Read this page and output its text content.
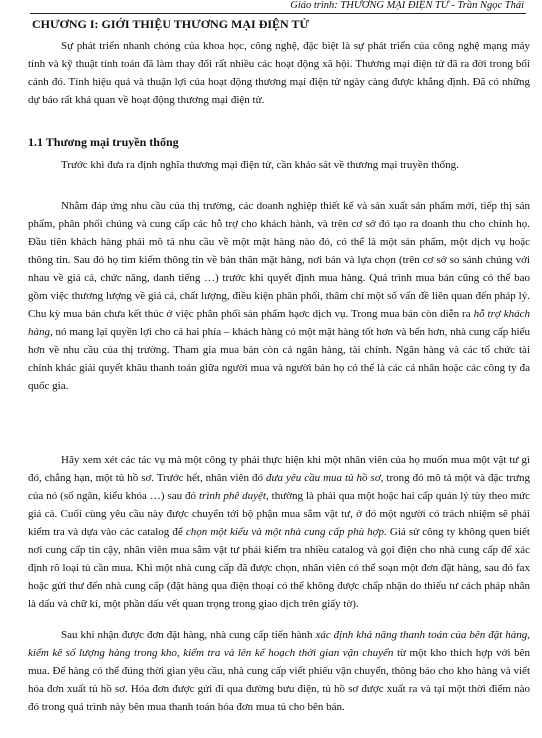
Giáo trình: THƯƠNG MẠI ĐIỆN TỬ - Trần Ngọc Thái
CHƯƠNG I: GIỚI THIỆU THƯƠNG MẠI ĐIỆN TỬ

Sự phát triển nhanh chóng của khoa học, công nghệ, đặc biệt là sự phát triển của công nghệ mạng máy tính và kỹ thuật tính toán đã làm thay đổi rất nhiều các hoạt động xã hội. Thương mại điện tử đã ra đời trong bối cảnh đó. Tính hiệu quả và thuận lợi của hoạt động thương mại điện tử ngày càng được khẳng định. Đã có những dự báo rất khả quan về hoạt động thương mại điện tử.

1.1 Thương mại truyền thống

Trước khi đưa ra định nghĩa thương mại điện tử, cần khảo sát về thương mại truyền thống.

Nhằm đáp ứng nhu cầu của thị trường, các doanh nghiệp thiết kế và sản xuất sản phẩm mới, tiếp thị sản phẩm, phân phối chúng và cung cấp các hỗ trợ cho khách hành, và trên cơ sở đó tạo ra doanh thu cho chính họ. Đầu tiên khách hàng phải mô tả nhu cầu về một mặt hàng nào đó, có thể là một sản phẩm, một dịch vụ hoặc thông tin. Sau đó họ tìm kiếm thông tin về bản thân mặt hàng, nơi bán và lựa chọn (trên cơ sở so sánh chúng với nhau về giá cả, chức năng, danh tiếng …) trước khi quyết định mua hàng. Quá trình mua bán cũng có thể bao gồm việc thương lượng về giá cả, chất lượng, điều kiện phân phối, thâm chí một số vấn đề liên quan đến pháp lý. Chu kỳ mua bán chưa kết thúc ở việc phân phối sản phẩm hạơc dịch vụ. Trong mua bán còn diễn ra hỗ trợ khách hàng, nó mang lại quyền lợi cho cả hai phía – khách hàng có một mặt hàng tốt hơn và bến hơn, nhà cung cấp hiểu hơn về nhu cầu của thị trường. Tham gia mua bán còn cả ngân hàng, tài chính. Ngân hàng và các tổ chức tài chính khác giải quyết khâu thanh toán giữa người mua và người bán họ có thể là các cá nhân hoặc các công ty đa quốc gia.

Hãy xem xét các tác vụ mà một công ty phải thực hiện khi một nhân viên của họ muốn mua một vật tư gì đó, chẳng hạn, một tủ hồ sơ. Trước hết, nhân viên đó đưa yêu cầu mua tủ hồ sơ, trong đó mô tả một và đặc trưng của nó (số ngăn, kiểu khóa …) sau đó trình phê duyệt, thường là phải qua một hoặc hai cấp quản lý tùy theo mức giá cả. Cuối cùng yêu cầu này được chuyển tới bộ phận mua sắm vật tư, ở đó một người có trách nhiệm sẽ phải kiểm tra và dựa vào các catalog để chọn một kiểu và một nhà cung cấp phù hợp. Giả sử công ty không quen biết nơi cung cấp tin cậy, nhân viên mua sắm vật tư phải kiểm tra nhiều catalog và gọi điện cho nhà cung cấp để xác định rõ loại tủ cần mua. Khi một nhà cung cấp đã được chọn, nhân viên có thể soạn một đơn đặt hàng, sau đó fax hoặc gửi thư đến nhà cung cấp (đặt hàng qua điện thoại có thể không được chấp nhận do thiếu tư cách pháp nhân là dấu và chữ kí, một phần dấu vết quan trọng trong giao dịch trên giấy tờ).

Sau khi nhận được đơn đặt hàng, nhà cung cấp tiến hành xác định khả năng thanh toán của bên đặt hàng, kiểm kê số lượng hàng trong kho, kiểm tra và lên kế hoạch thời gian vận chuyển từ một kho thích hợp với bên mua. Để hàng có thể đúng thời gian yêu cầu, nhà cung cấp viết phiếu vận chuyển, thông báo cho kho hàng và viết hóa đơn xuất tủ hồ sơ. Hóa đơn được gửi đi qua đường bưu điện, tủ hồ sơ được xuất ra và tại một thời điểm nào đó trong quá trình này bên mua thanh toán hóa đơn mua tủ cho bên bán.
